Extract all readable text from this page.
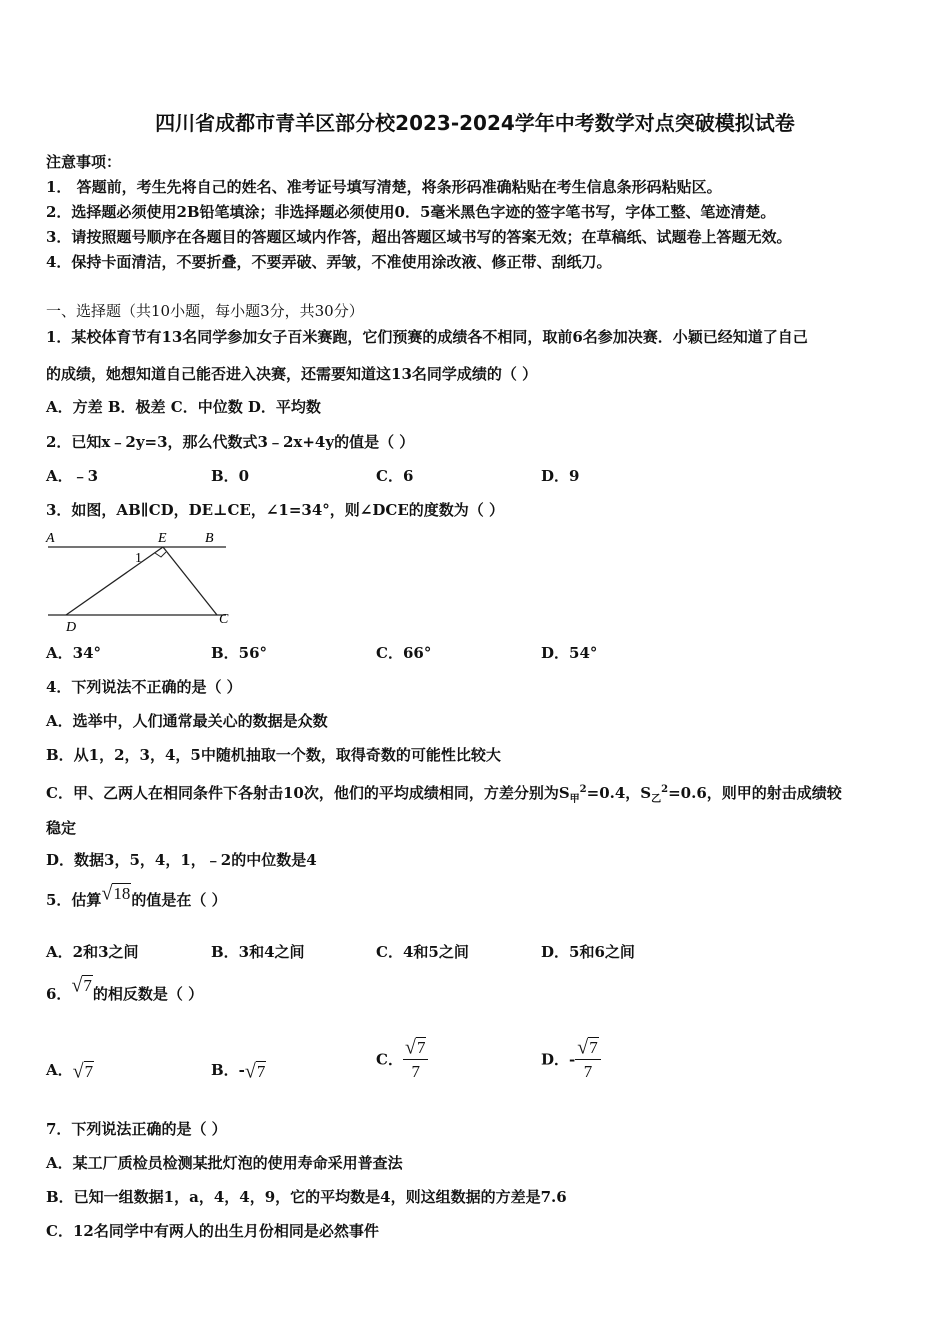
四川省成都市青羊区部分校2023-2024学年中考数学对点突破模拟试卷
注意事项：
1． 答题前，考生先将自己的姓名、准考证号填写清楚，将条形码准确粘贴在考生信息条形码粘贴区。
2．选择题必须使用2B铅笔填涂；非选择题必须使用0．5毫米黑色字迹的签字笔书写，字体工整、笔迹清楚。
3．请按照题号顺序在各题目的答题区域内作答，超出答题区域书写的答案无效；在草稿纸、试题卷上答题无效。
4．保持卡面清洁，不要折叠，不要弄破、弄皱，不准使用涂改液、修正带、刮纸刀。
一、选择题（共10小题，每小题3分，共30分）
1．某校体育节有13名同学参加女子百米赛跑，它们预赛的成绩各不相同，取前6名参加决赛．小颖已经知道了自己
的成绩，她想知道自己能否进入决赛，还需要知道这13名同学成绩的（ ）
A．方差 B．极差 C．中位数 D．平均数
2．已知x﹣2y=3，那么代数式3﹣2x+4y的值是（ ）
A．﹣3	B．0	C．6	D．9
3．如图，AB∥CD，DE⊥CE，∠1=34°，则∠DCE的度数为（ ）
A	E	B
1
D
C
A．34°	B．56°	C．66°	D．54°
4．下列说法不正确的是（ ）
A．选举中，人们通常最关心的数据是众数
B．从1，2，3，4，5中随机抽取一个数，取得奇数的可能性比较大
C．甲、乙两人在相同条件下各射击10次，他们的平均成绩相同，方差分别为$S_甲^2=0.4$，$S_乙^2=0.6$，则甲的射击成绩较
稳定
D．数据3，5，4，1，﹣2的中位数是4
5．估算√18的值是在（ ）
A．2和3之间	B．3和4之间	C．4和5之间	D．5和6之间
6．√7的相反数是（ ）
A．√7	B．-√7
C． $\frac{√7}{7}$	D．- $\frac{√7}{7}$
7．下列说法正确的是（ ）
A．某工厂质检员检测某批灯泡的使用寿命采用普查法
B．已知一组数据1，a，4，4，9，它的平均数是4，则这组数据的方差是7.6
C．12名同学中有两人的出生月份相同是必然事件
